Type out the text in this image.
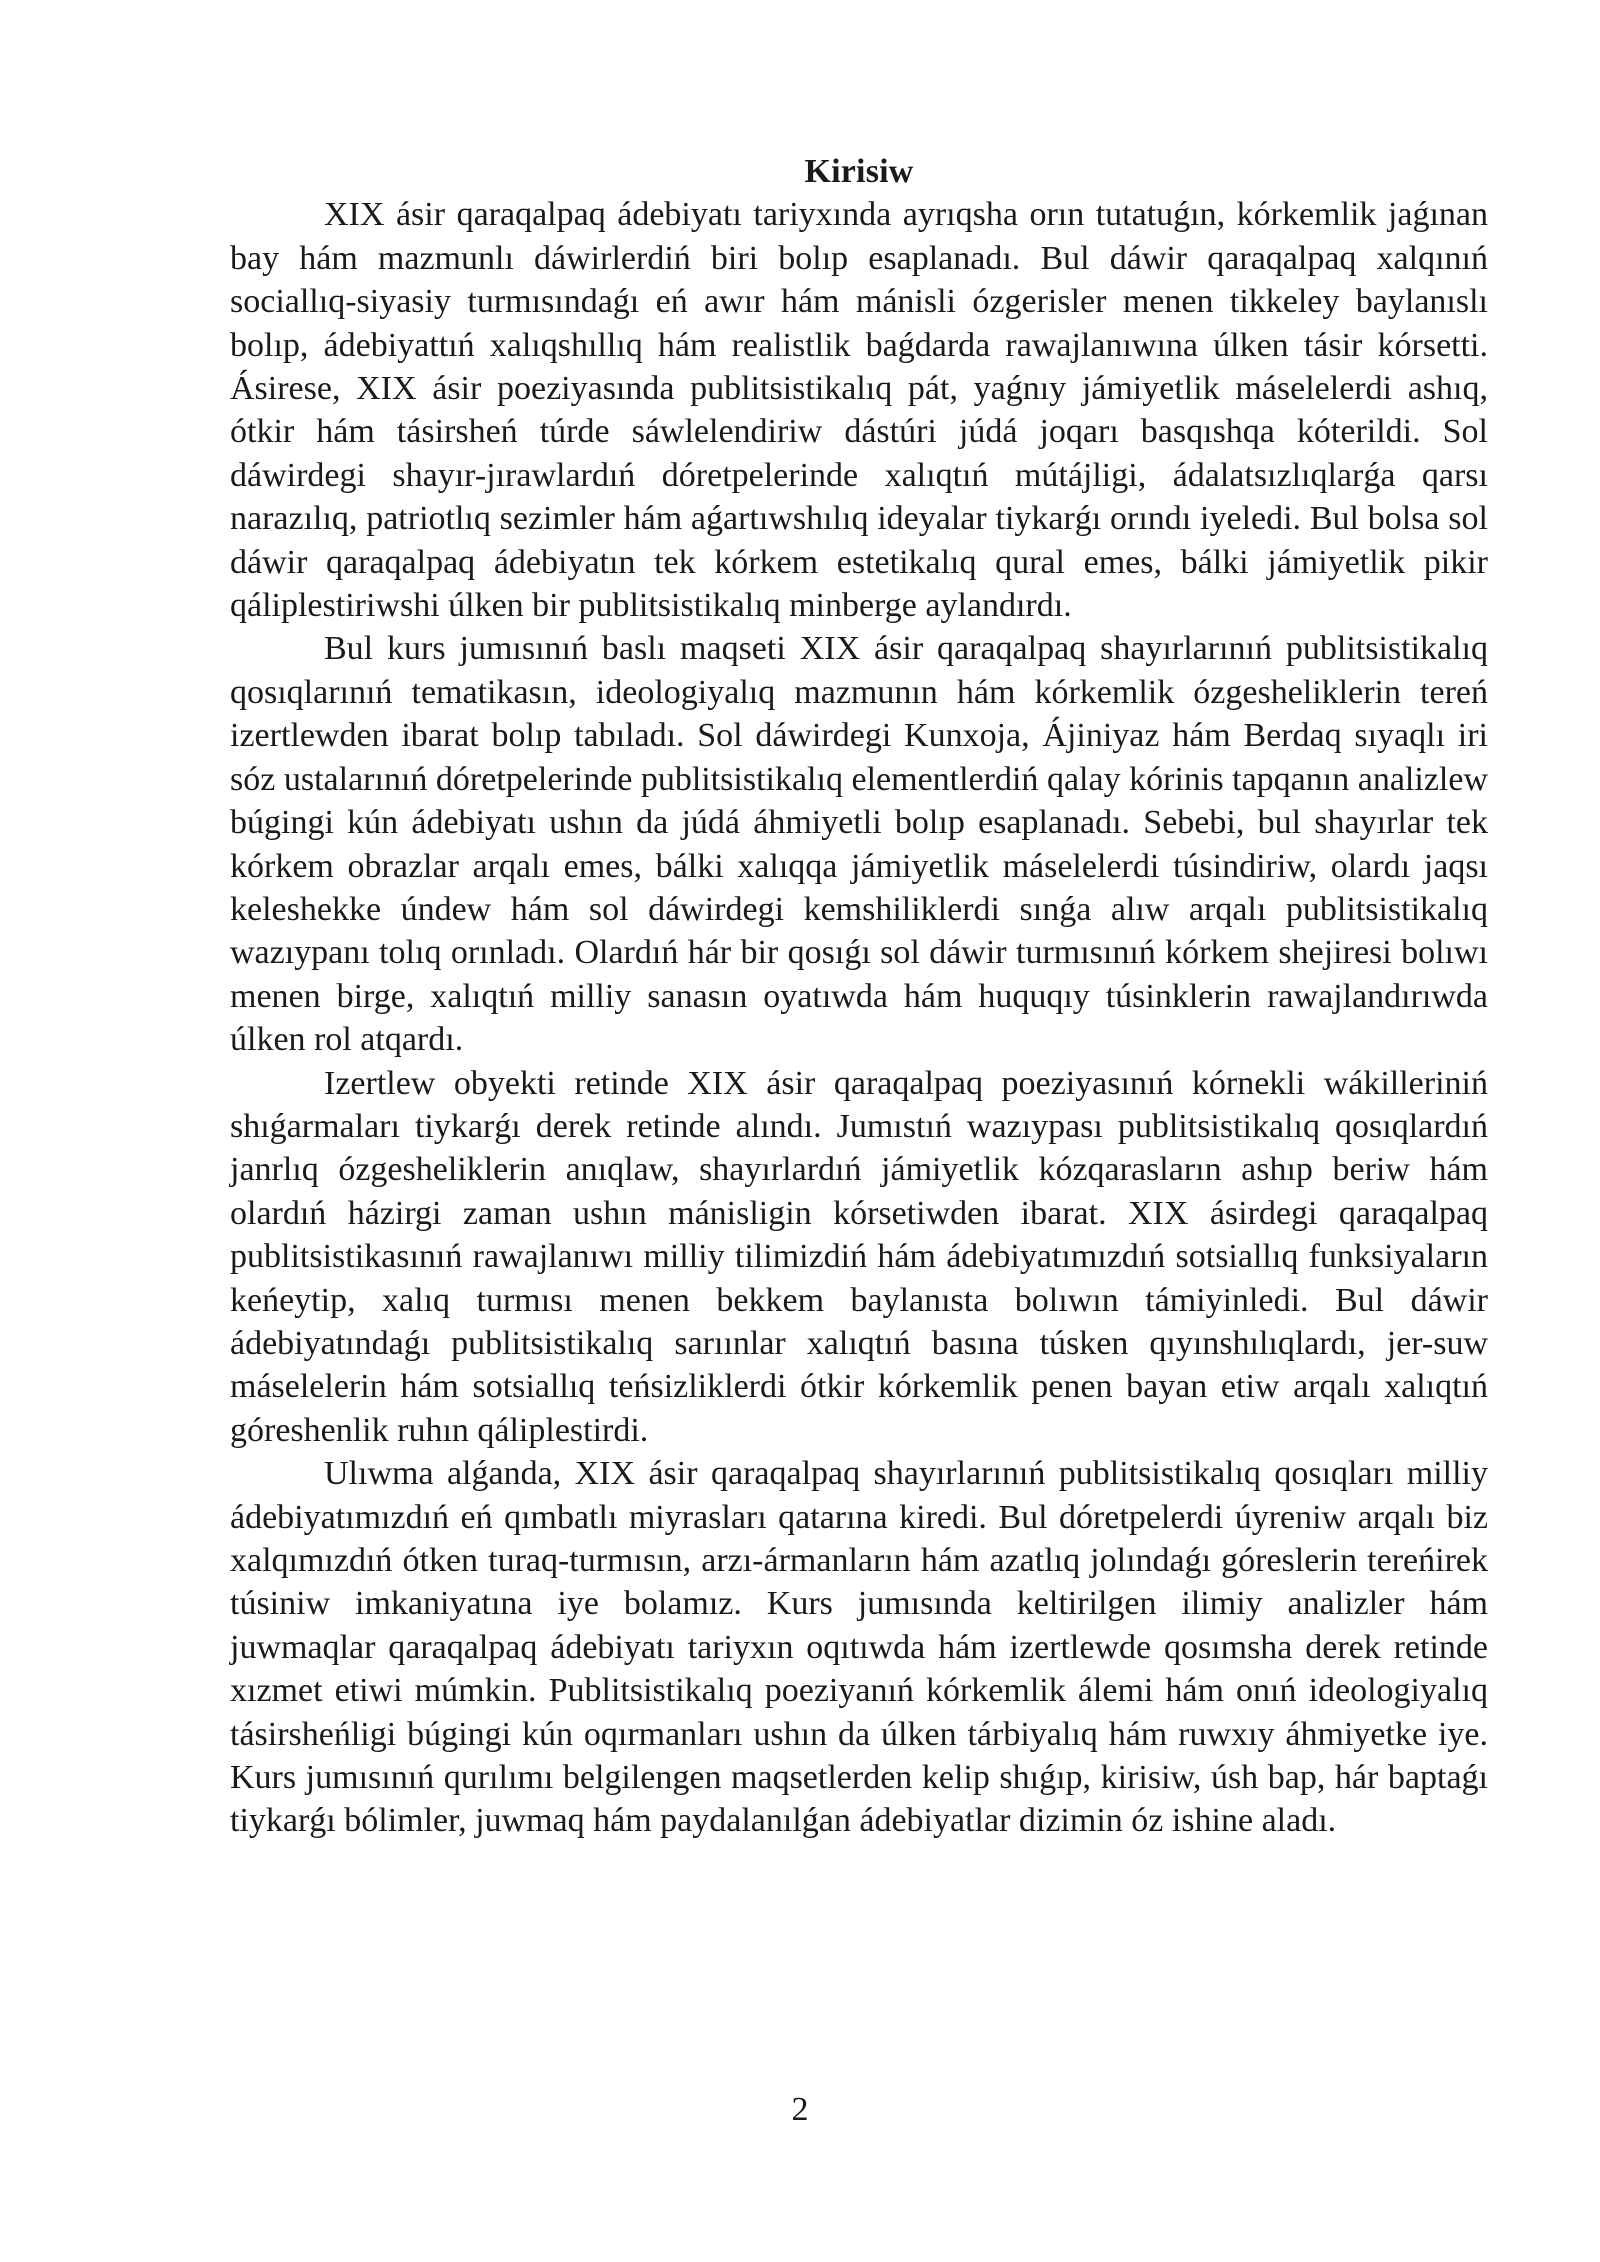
Kirisiw

XIX ásir qaraqalpaq ádebiyatı tariyxında ayrıqsha orın tutatuǵın, kórkemlik jaǵınan bay hám mazmunlı dáwirlerdiń biri bolıp esaplanadı. Bul dáwir qaraqalpaq xalqınıń sociallıq-siyasiy turmısındaǵı eń awır hám mánisli ózgerisler menen tikkeley baylanıslı bolıp, ádebiyattıń xalıqshıllıq hám realistlik baǵdarda rawajlanıwına úlken tásir kórsetti. Ásirese, XIX ásir poeziyasında publitsistikalıq pát, yaǵnıy jámiyetlik máselelerdi ashıq, ótkir hám tásirsheń túrde sáwlelendiriw dástúri júdá joqarı basqıshqa kóterildi. Sol dáwirdegi shayır-jırawlardıń dóretpelerinde xalıqtıń mútájligi, ádalatsızlıqlarǵa qarsı narazılıq, patriotlıq sezimler hám aǵartıwshılıq ideyalar tiykarǵı orındı iyeledi. Bul bolsa sol dáwir qaraqalpaq ádebiyatın tek kórkem estetikalıq qural emes, bálki jámiyetlik pikir qáliplestiriwshi úlken bir publitsistikalıq minberge aylandırdı.

Bul kurs jumısınıń baslı maqseti XIX ásir qaraqalpaq shayırlarınıń publitsistikalıq qosıqlarınıń tematikasın, ideologiyalıq mazmunın hám kórkemlik ózgesheliklerin tereń izertlewden ibarat bolıp tabıladı. Sol dáwirdegi Kunxoja, Ájiniyaz hám Berdaq sıyaqlı iri sóz ustalarınıń dóretpelerinde publitsistikalıq elementlerdiń qalay kórinis tapqanın analizlew búgingi kún ádebiyatı ushın da júdá áhmiyetli bolıp esaplanadı. Sebebi, bul shayırlar tek kórkem obrazlar arqalı emes, bálki xalıqqa jámiyetlik máselelerdi túsindiriw, olardı jaqsı keleshekke úndew hám sol dáwirdegi kemshiliklerdi sınǵa alıw arqalı publitsistikalıq wazıypanı tolıq orınladı. Olardıń hár bir qosıǵı sol dáwir turmısınıń kórkem shejiresi bolıwı menen birge, xalıqtıń milliy sanasın oyatıwda hám huquqıy túsinklerin rawajlandırıwda úlken rol atqardı.

Izertlew obyekti retinde XIX ásir qaraqalpaq poeziyasınıń kórnekli wákilleriniń shıǵarmaları tiykarǵı derek retinde alındı. Jumıstıń wazıypası publitsistikalıq qosıqlardıń janrlıq ózgesheliklerin anıqlaw, shayırlardıń jámiyetlik kózqarasların ashıp beriw hám olardıń házirgi zaman ushın mánisligin kórsetiwden ibarat. XIX ásirdegi qaraqalpaq publitsistikasınıń rawajlanıwı milliy tilimizdiń hám ádebiyatımızdıń sotsiallıq funksiyaların keńeytip, xalıq turmısı menen bekkem baylanısta bolıwın támiyinledi. Bul dáwir ádebiyatındaǵı publitsistikalıq sarıınlar xalıqtıń basına túsken qıyınshılıqlardı, jer-suw máselelerin hám sotsiallıq teńsizliklerdi ótkir kórkemlik penen bayan etiw arqalı xalıqtıń góreshenlik ruhın qáliplestirdi.

Ulıwma alǵanda, XIX ásir qaraqalpaq shayırlarınıń publitsistikalıq qosıqları milliy ádebiyatımızdıń eń qımbatlı miyrasları qatarına kiredi. Bul dóretpelerdi úyreniw arqalı biz xalqımızdıń ótken turaq-turmısın, arzı-ármanların hám azatlıq jolındaǵı góreslerin tereńirek túsiniw imkaniyatına iye bolamız. Kurs jumısında keltirilgen ilimiy analizler hám juwmaqlar qaraqalpaq ádebiyatı tariyxın oqıtıwda hám izertlewde qosımsha derek retinde xızmet etiwi múmkin. Publitsistikalıq poeziyanıń kórkemlik álemi hám onıń ideologiyalıq tásirsheńligi búgingi kún oqırmanları ushın da úlken tárbiyalıq hám ruwxıy áhmiyetke iye. Kurs jumısınıń qurılımı belgilengen maqsetlerden kelip shıǵıp, kirisiw, úsh bap, hár baptaǵı tiykarǵı bólimler, juwmaq hám paydalanılǵan ádebiyatlar dizimin óz ishine aladı.

2
